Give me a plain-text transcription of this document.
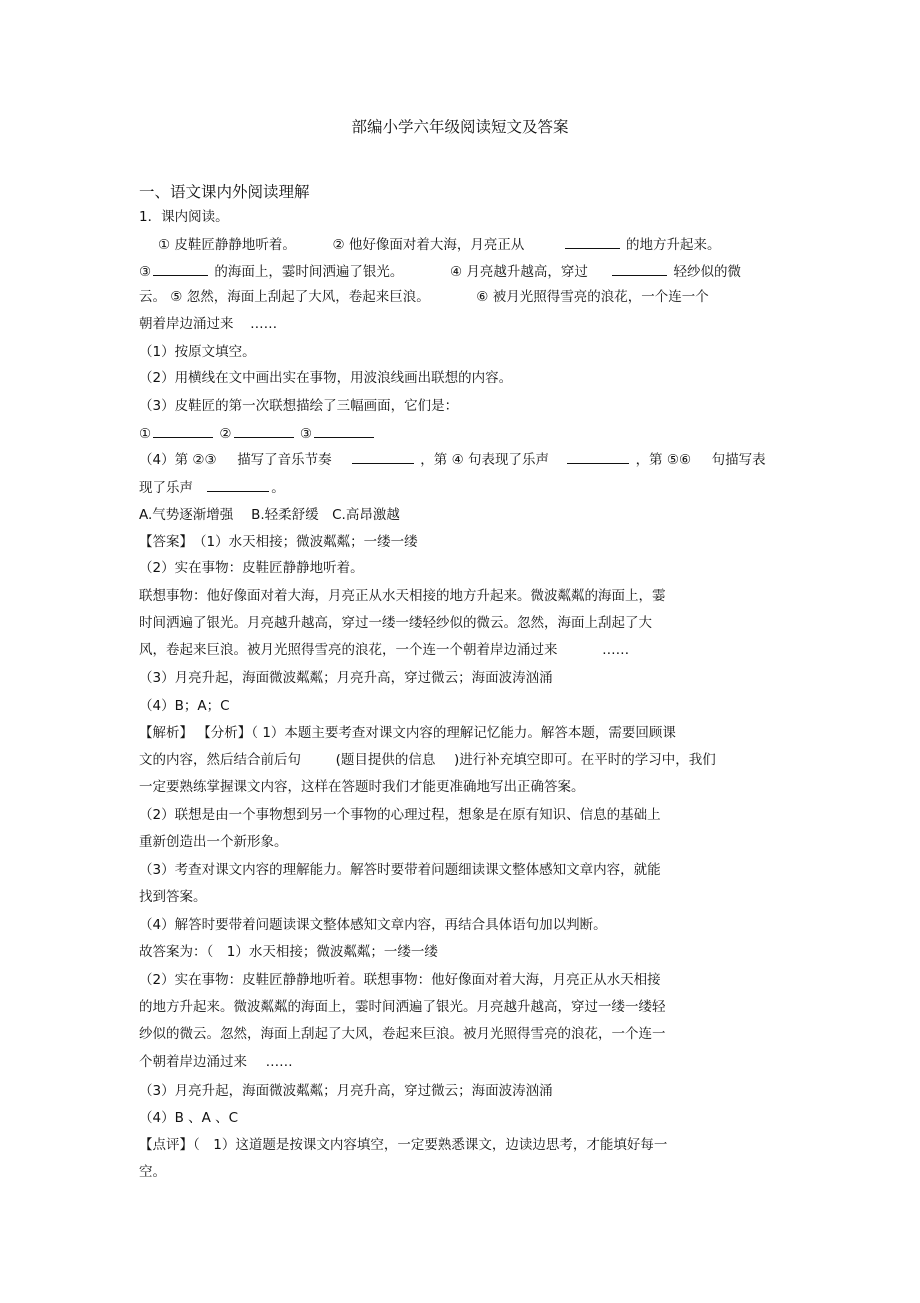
部编小学六年级阅读短文及答案
一、语文课内外阅读理解
1．课内阅读。
① 皮鞋匠静静地听着。	② 他好像面对着大海，月亮正从	的地方升起来。
③	的海面上，霎时间洒遍了银光。	④ 月亮越升越高，穿过	轻纱似的微
云。 ⑤ 忽然，海面上刮起了大风，卷起来巨浪。	⑥ 被月光照得雪亮的浪花，一个连一个
朝着岸边涌过来 ……
（1）按原文填空。
（2）用横线在文中画出实在事物，用波浪线画出联想的内容。
（3）皮鞋匠的第一次联想描绘了三幅画面，它们是：
①	②	③
（4）第 ②③ 描写了音乐节奏	，第 ④ 句表现了乐声	，第 ⑤⑥ 句描写表
现了乐声	。
A.气势逐渐增强　 B.轻柔舒缓　C.高昂激越
【答案】　（1）水天相接；微波粼粼；一缕一缕
（2）实在事物：皮鞋匠静静地听着。
联想事物：他好像面对着大海，月亮正从水天相接的地方升起来。微波粼粼的海面上，霎
时间洒遍了银光。月亮越升越高，穿过一缕一缕轻纱似的微云。忽然，海面上刮起了大
风，卷起来巨浪。被月光照得雪亮的浪花，一个连一个朝着岸边涌过来	……
（3）月亮升起，海面微波粼粼；月亮升高，穿过微云；海面波涛汹涌
（4）B；A；C
【解析】 【分析】（ 1）本题主要考查对课文内容的理解记忆能力。解答本题，需要回顾课
文的内容，然后结合前后句	(题目提供的信息 )进行补充填空即可。在平时的学习中，我们
一定要熟练掌握课文内容，这样在答题时我们才能更准确地写出正确答案。
（2）联想是由一个事物想到另一个事物的心理过程，想象是在原有知识、信息的基础上
重新创造出一个新形象。
（3）考查对课文内容的理解能力。解答时要带着问题细读课文整体感知文章内容，就能
找到答案。
（4）解答时要带着问题读课文整体感知文章内容，再结合具体语句加以判断。
故答案为：（　1）水天相接；微波粼粼；一缕一缕
（2）实在事物：皮鞋匠静静地听着。联想事物：他好像面对着大海，月亮正从水天相接
的地方升起来。微波粼粼的海面上，霎时间洒遍了银光。月亮越升越高，穿过一缕一缕轻
纱似的微云。忽然，海面上刮起了大风，卷起来巨浪。被月光照得雪亮的浪花，一个连一
个朝着岸边涌过来 ……
（3）月亮升起，海面微波粼粼；月亮升高，穿过微云；海面波涛汹涌
（4）B 、A 、C
【点评】（　1）这道题是按课文内容填空，一定要熟悉课文，边读边思考，才能填好每一
空。
